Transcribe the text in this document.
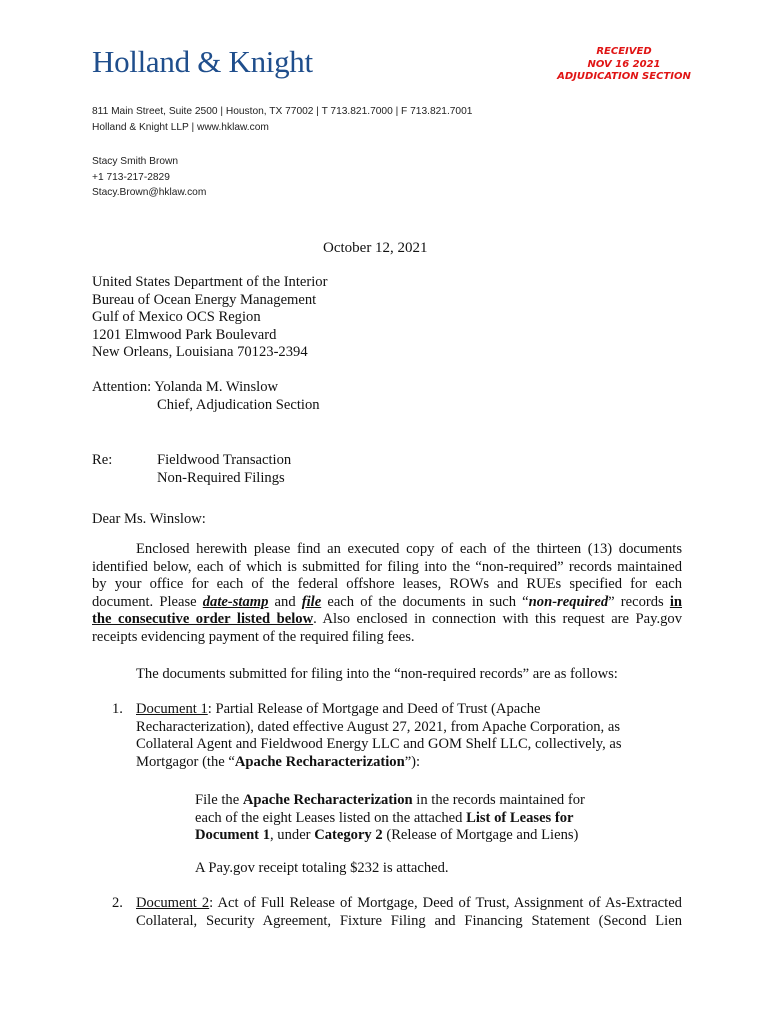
Holland & Knight	RECEIVED
NOV 16 2021
ADJUDICATION SECTION
811 Main Street, Suite 2500 | Houston, TX 77002 | T 713.821.7000 | F 713.821.7001
Holland & Knight LLP | www.hklaw.com
Stacy Smith Brown
+1 713-217-2829
Stacy.Brown@hklaw.com
October 12, 2021
United States Department of the Interior
Bureau of Ocean Energy Management
Gulf of Mexico OCS Region
1201 Elmwood Park Boulevard
New Orleans, Louisiana 70123-2394
Attention: Yolanda M. Winslow
Chief, Adjudication Section
Re:	Fieldwood Transaction
Non-Required Filings
Dear Ms. Winslow:
Enclosed herewith please find an executed copy of each of the thirteen (13) documents
identified below, each of which is submitted for filing into the “non-required” records maintained
by your office for each of the federal offshore leases, ROWs and RUEs specified for each
document. Please date-stamp and file each of the documents in such “non-required” records in
the consecutive order listed below. Also enclosed in connection with this request are Pay.gov
receipts evidencing payment of the required filing fees.
The documents submitted for filing into the “non-required records” are as follows:
1. Document 1: Partial Release of Mortgage and Deed of Trust (Apache
Recharacterization), dated effective August 27, 2021, from Apache Corporation, as
Collateral Agent and Fieldwood Energy LLC and GOM Shelf LLC, collectively, as
Mortgagor (the “Apache Recharacterization”):
File the Apache Recharacterization in the records maintained for
each of the eight Leases listed on the attached List of Leases for
Document 1, under Category 2 (Release of Mortgage and Liens)
A Pay.gov receipt totaling $232 is attached.
2. Document 2: Act of Full Release of Mortgage, Deed of Trust, Assignment of As-Extracted
Collateral, Security Agreement, Fixture Filing and Financing Statement (Second Lien
